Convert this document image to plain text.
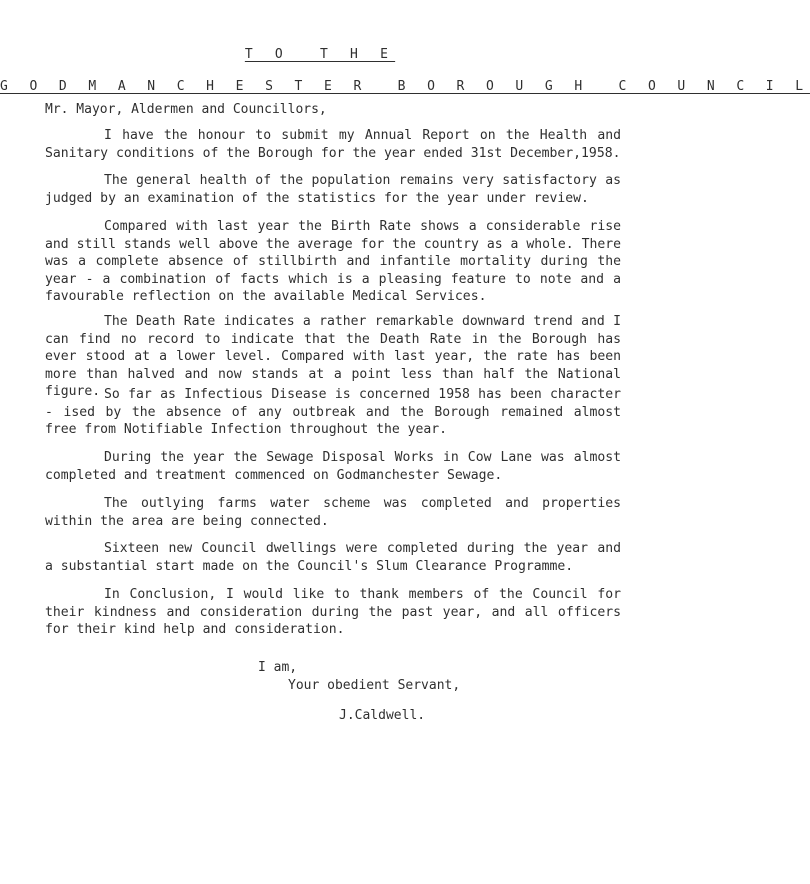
T O  T H E
G O D M A N C H E S T E R  B O R O U G H  C O U N C I L
Mr. Mayor, Aldermen and Councillors,

I have the honour to submit my Annual Report on the Health and Sanitary conditions of the Borough for the year ended 31st December,1958.

The general health of the population remains very satisfactory as judged by an examination of the statistics for the year under review.

Compared with last year the Birth Rate shows a considerable rise and still stands well above the average for the country as a whole. There was a complete absence of stillbirth and infantile mortality during the year - a combination of facts which is a pleasing feature to note and a favourable reflection on the available Medical Services.

The Death Rate indicates a rather remarkable downward trend and I can find no record to indicate that the Death Rate in the Borough has ever stood at a lower level. Compared with last year, the rate has been more than halved and now stands at a point less than half the National figure. So far as Infectious Disease is concerned 1958 has been character - ised by the absence of any outbreak and the Borough remained almost free from Notifiable Infection throughout the year.

During the year the Sewage Disposal Works in Cow Lane was almost completed and treatment commenced on Godmanchester Sewage.

The outlying farms water scheme was completed and properties within the area are being connected.

Sixteen new Council dwellings were completed during the year and a substantial start made on the Council's Slum Clearance Programme.

In Conclusion, I would like to thank members of the Council for their kindness and consideration during the past year, and all officers for their kind help and consideration.

I am,
Your obedient Servant,
J.Caldwell.
